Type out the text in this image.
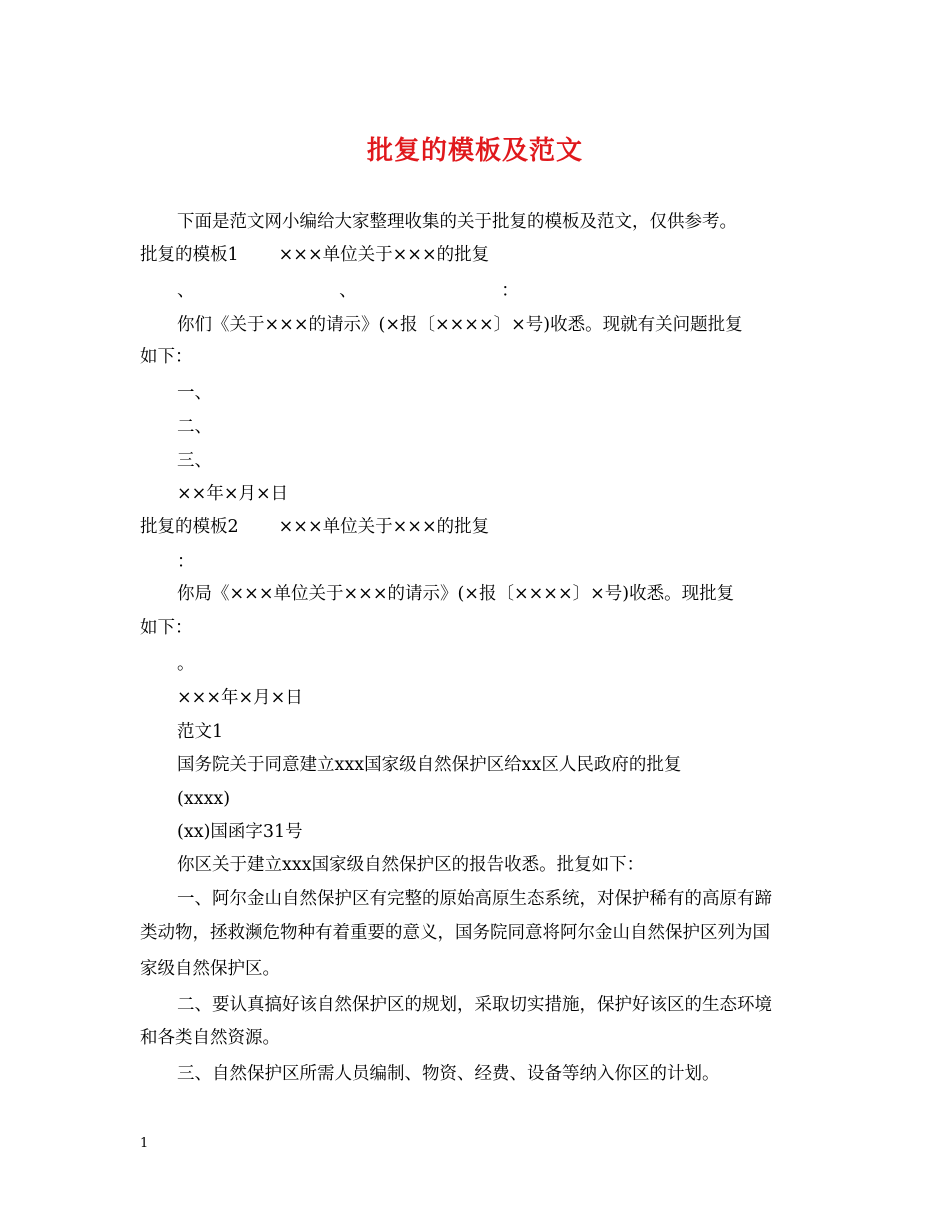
批复的模板及范文
下面是范文网小编给大家整理收集的关于批复的模板及范文，仅供参考。
批复的模板1 ×××单位关于×××的批复
、                          、                          ：
你们《关于×××的请示》(×报〔××××〕×号)收悉。现就有关问题批复
如下：
一、
二、
三、
××年×月×日
批复的模板2 ×××单位关于×××的批复
：
你局《×××单位关于×××的请示》(×报〔××××〕×号)收悉。现批复
如下：
。
×××年×月×日
范文1
国务院关于同意建立xxx国家级自然保护区给xx区人民政府的批复
(xxxx)
(xx)国函字31号
你区关于建立xxx国家级自然保护区的报告收悉。批复如下：
一、阿尔金山自然保护区有完整的原始高原生态系统，对保护稀有的高原有蹄
类动物，拯救濒危物种有着重要的意义，国务院同意将阿尔金山自然保护区列为国
家级自然保护区。
二、要认真搞好该自然保护区的规划，采取切实措施，保护好该区的生态环境
和各类自然资源。
三、自然保护区所需人员编制、物资、经费、设备等纳入你区的计划。
1
